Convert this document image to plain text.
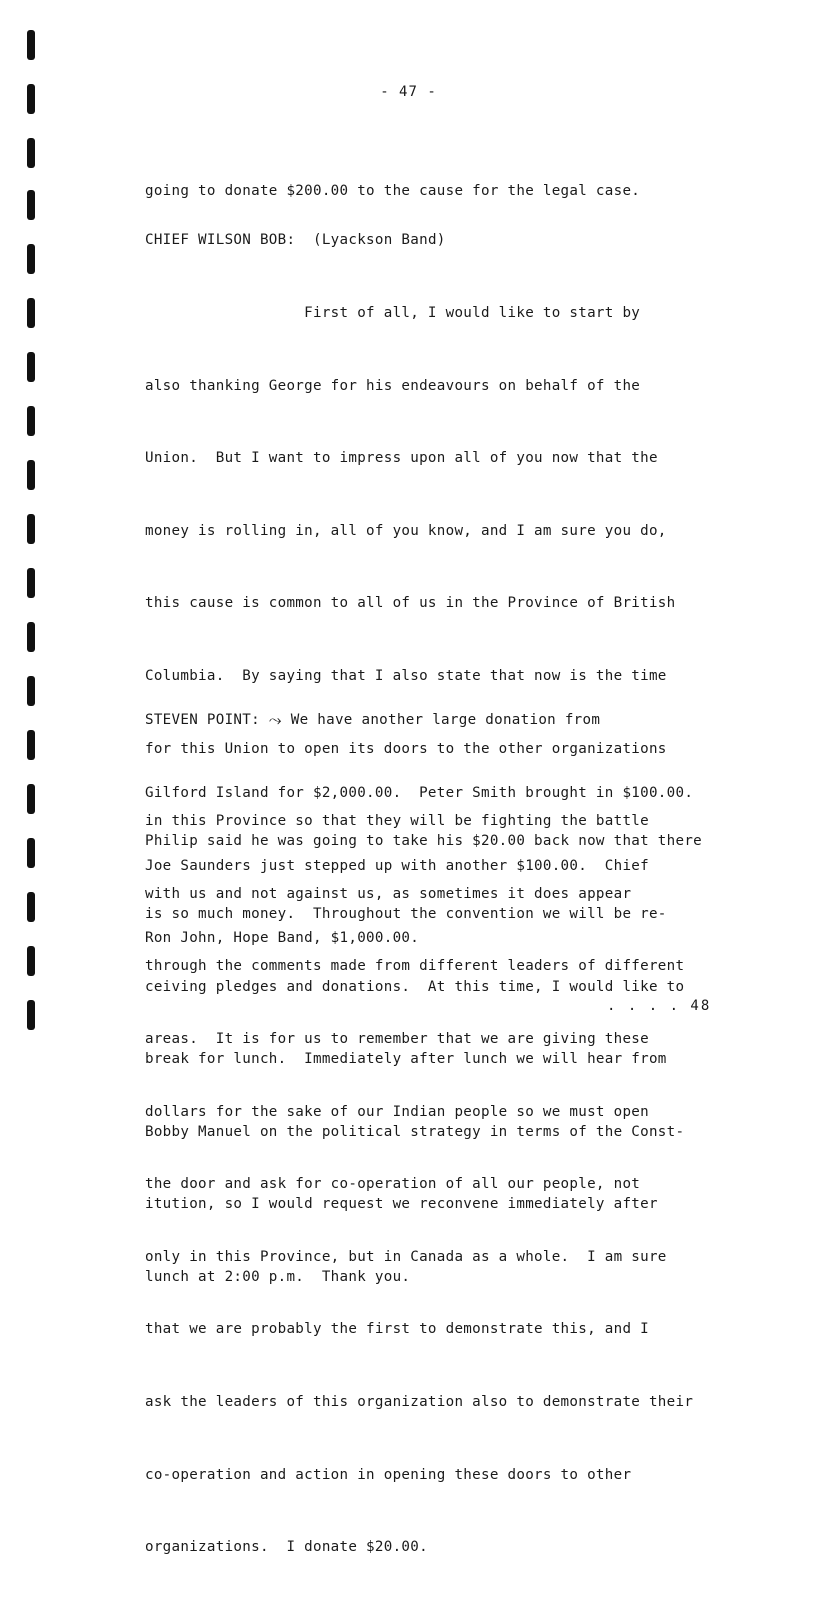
- 47 -

going to donate $200.00 to the cause for the legal case.

CHIEF WILSON BOB: (Lyackson Band)

First of all, I would like to start by

also thanking George for his endeavours on behalf of the

Union.  But I want to impress upon all of you now that the

money is rolling in, all of you know, and I am sure you do,

this cause is common to all of us in the Province of British

Columbia.  By saying that I also state that now is the time

for this Union to open its doors to the other organizations

in this Province so that they will be fighting the battle

with us and not against us, as sometimes it does appear

through the comments made from different leaders of different

areas.  It is for us to remember that we are giving these

dollars for the sake of our Indian people so we must open

the door and ask for co-operation of all our people, not

only in this Province, but in Canada as a whole.  I am sure

that we are probably the first to demonstrate this, and I

ask the leaders of this organization also to demonstrate their

co-operation and action in opening these doors to other

organizations.  I donate $20.00.

STEVEN POINT: ⤳ We have another large donation from

Gilford Island for $2,000.00.  Peter Smith brought in $100.00.

Joe Saunders just stepped up with another $100.00.  Chief

Ron John, Hope Band, $1,000.00.

Philip said he was going to take his $20.00 back now that there

is so much money.  Throughout the convention we will be re-

ceiving pledges and donations.  At this time, I would like to

break for lunch.  Immediately after lunch we will hear from

Bobby Manuel on the political strategy in terms of the Const-

itution, so I would request we reconvene immediately after

lunch at 2:00 p.m.  Thank you.

. . . . 48
